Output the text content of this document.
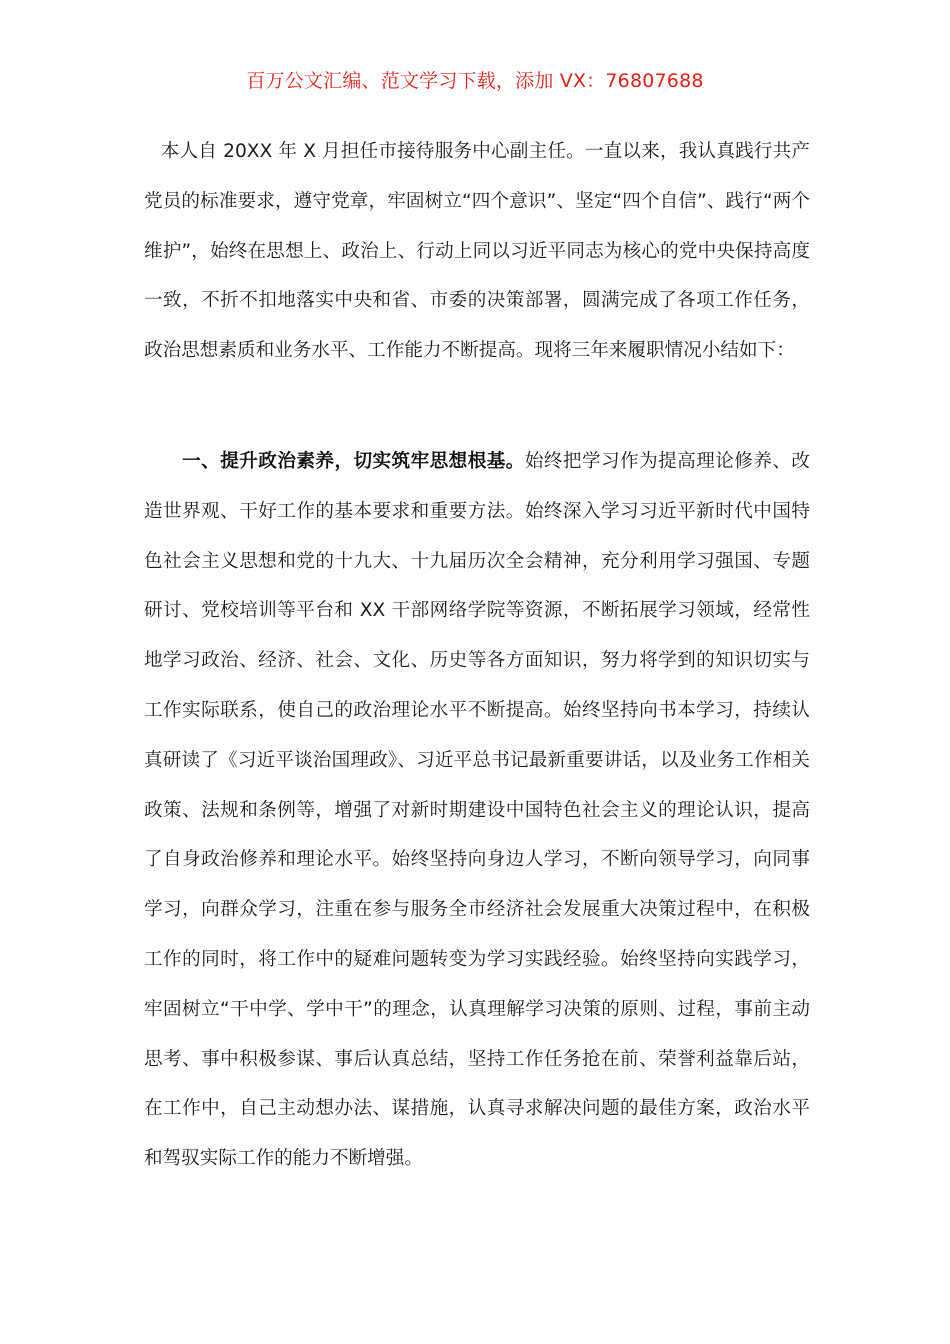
百万公文汇编、范文学习下载，添加 VX：76807688

本人自 20XX 年 X 月担任市接待服务中心副主任。一直以来，我认真践行共产党员的标准要求，遵守党章，牢固树立“四个意识”、坚定“四个自信”、践行“两个维护”，始终在思想上、政治上、行动上同以习近平同志为核心的党中央保持高度一致，不折不扣地落实中央和省、市委的决策部署，圆满完成了各项工作任务，政治思想素质和业务水平、工作能力不断提高。现将三年来履职情况小结如下：

一、提升政治素养，切实筑牢思想根基。始终把学习作为提高理论修养、改造世界观、干好工作的基本要求和重要方法。始终深入学习习近平新时代中国特色社会主义思想和党的十九大、十九届历次全会精神，充分利用学习强国、专题研讨、党校培训等平台和 XX 干部网络学院等资源，不断拓展学习领域，经常性地学习政治、经济、社会、文化、历史等各方面知识，努力将学到的知识切实与工作实际联系，使自己的政治理论水平不断提高。始终坚持向书本学习，持续认真研读了《习近平谈治国理政》、习近平总书记最新重要讲话，以及业务工作相关政策、法规和条例等，增强了对新时期建设中国特色社会主义的理论认识，提高了自身政治修养和理论水平。始终坚持向身边人学习，不断向领导学习，向同事学习，向群众学习，注重在参与服务全市经济社会发展重大决策过程中，在积极工作的同时，将工作中的疑难问题转变为学习实践经验。始终坚持向实践学习，牢固树立“干中学、学中干”的理念，认真理解学习决策的原则、过程，事前主动思考、事中积极参谋、事后认真总结，坚持工作任务抢在前、荣誉利益靠后站，在工作中，自己主动想办法、谋措施，认真寻求解决问题的最佳方案，政治水平和驾驭实际工作的能力不断增强。
